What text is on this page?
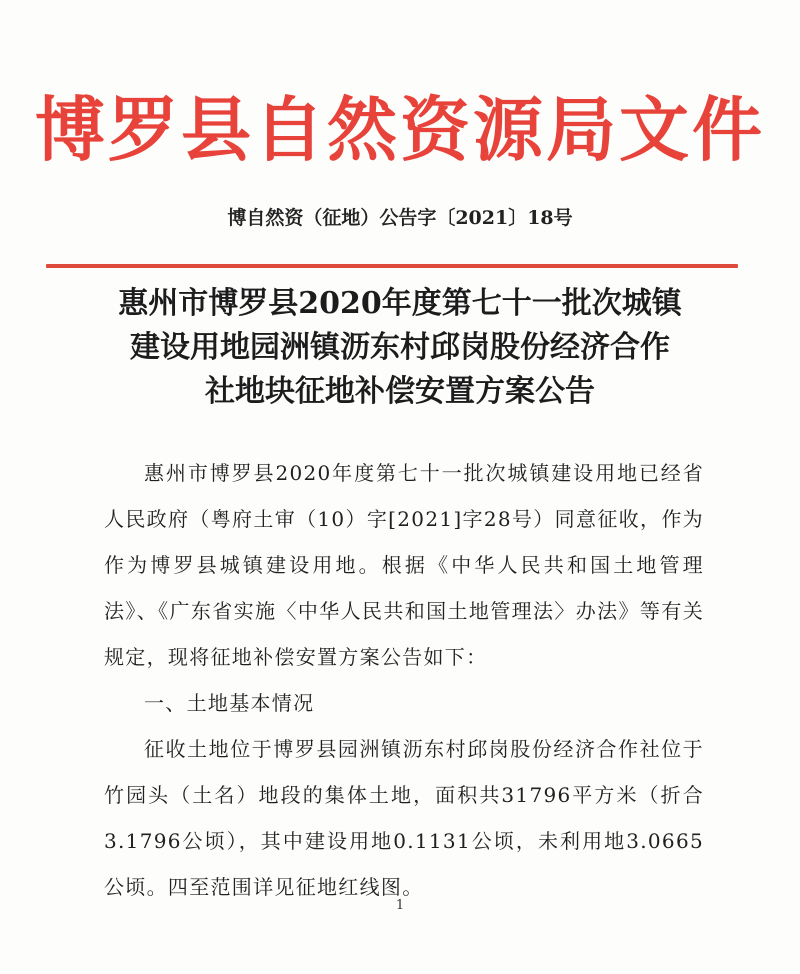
博罗县自然资源局文件
博自然资（征地）公告字〔2021〕18号
惠州市博罗县2020年度第七十一批次城镇
建设用地园洲镇沥东村邱岗股份经济合作
社地块征地补偿安置方案公告

惠州市博罗县2020年度第七十一批次城镇建设用地已经省人民政府（粤府土审（10）字[2021]字28号）同意征收，作为作为博罗县城镇建设用地。根据《中华人民共和国土地管理法》、《广东省实施〈中华人民共和国土地管理法〉办法》等有关规定，现将征地补偿安置方案公告如下：

一、土地基本情况

征收土地位于博罗县园洲镇沥东村邱岗股份经济合作社位于竹园头（土名）地段的集体土地，面积共31796平方米（折合3.1796公顷），其中建设用地0.1131公顷，未利用地3.0665公顷。四至范围详见征地红线图。

1
